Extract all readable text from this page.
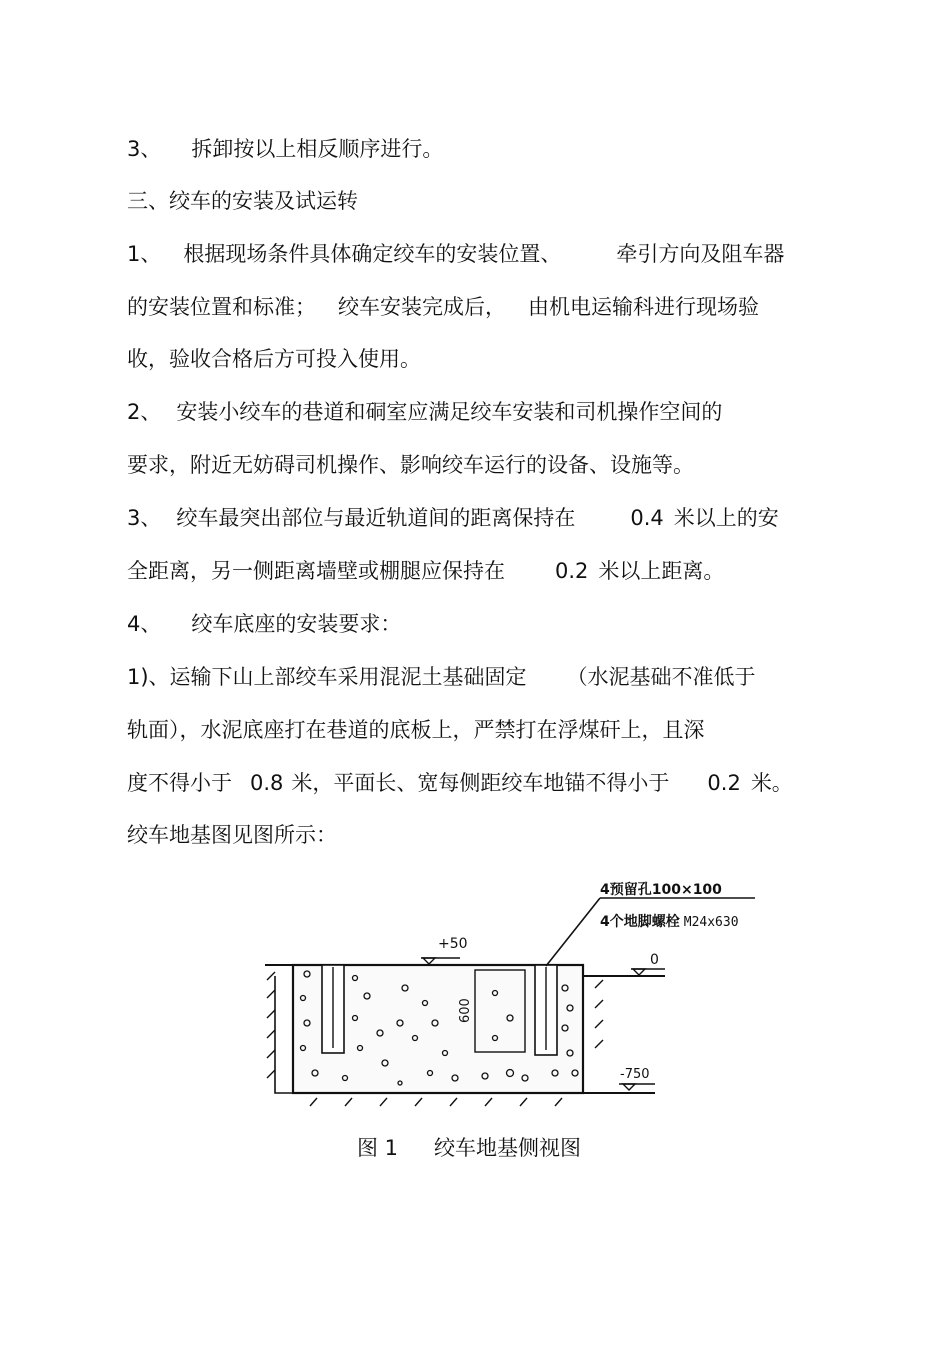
3、 拆卸按以上相反顺序进行。
三、绞车的安装及试运转
1、 根据现场条件具体确定绞车的安装位置、	牵引方向及阻车器
的安装位置和标准； 绞车安装完成后， 由机电运输科进行现场验
收，验收合格后方可投入使用。
2、 安装小绞车的巷道和硐室应满足绞车安装和司机操作空间的
要求，附近无妨碍司机操作、影响绞车运行的设备、设施等。
3、 绞车最突出部位与最近轨道间的距离保持在	0.4 米以上的安
全距离，另一侧距离墙壁或棚腿应保持在 0.2 米以上距离。
4、 绞车底座的安装要求：
1)、运输下山上部绞车采用混泥土基础固定 （水泥基础不准低于
轨面），水泥底座打在巷道的底板上，严禁打在浮煤矸上，且深
度不得小于 0.8 米，平面长、宽每侧距绞车地锚不得小于 0.2 米。
绞车地基图见图所示：
4预留孔100×100
4个地脚螺栓 M24x630
+50
0
600
-750
图 1 绞车地基侧视图
